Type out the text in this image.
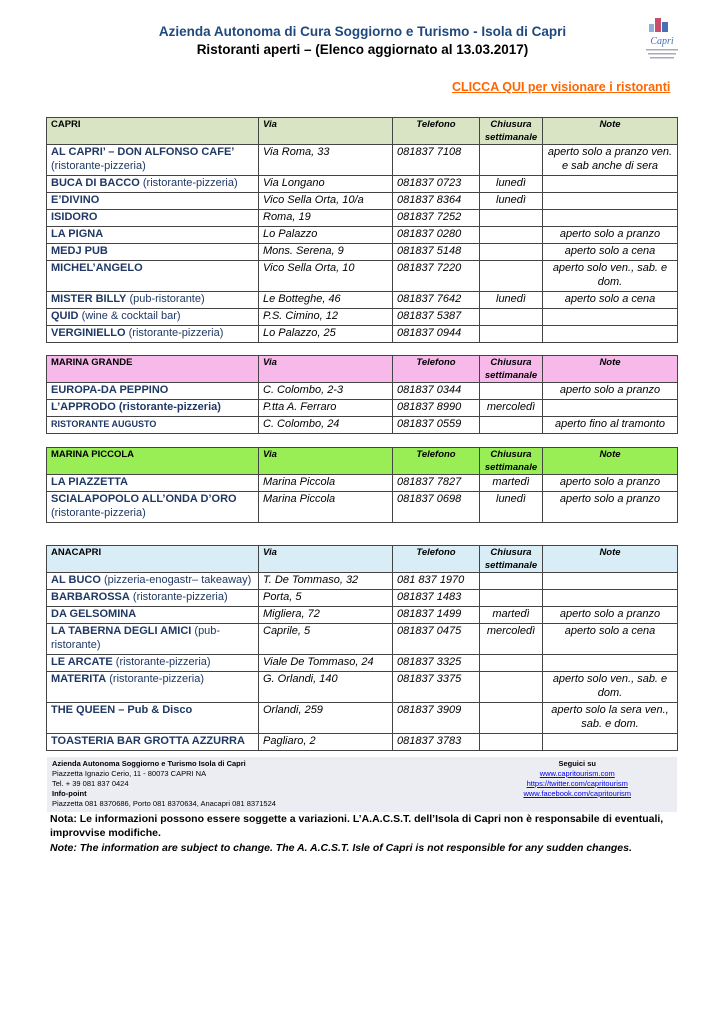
Azienda Autonoma di Cura Soggiorno e Turismo - Isola di Capri
Ristoranti aperti – (Elenco aggiornato al 13.03.2017)
Capri
CLICCA QUI per visionare i ristoranti
CAPRI	Via	Telefono	Chiusura settimanale	Note
AL CAPRI’ – DON ALFONSO CAFE’ (ristorante-pizzeria)	Via Roma, 33	081837 7108		aperto solo a pranzo ven. e sab anche di sera
BUCA DI BACCO (ristorante-pizzeria)	Via Longano	081837 0723	lunedì	
E’DIVINO	Vico Sella Orta, 10/a	081837 8364	lunedì	
ISIDORO	Roma, 19	081837 7252		
LA PIGNA	Lo Palazzo	081837 0280		aperto solo a pranzo
MEDJ PUB	Mons. Serena, 9	081837 5148		aperto solo a cena
MICHEL’ANGELO	Vico Sella Orta, 10	081837 7220		aperto solo ven., sab. e dom.
MISTER BILLY (pub-ristorante)	Le Botteghe, 46	081837 7642	lunedì	aperto solo a cena
QUID (wine & cocktail bar)	P.S. Cimino, 12	081837 5387		
VERGINIELLO (ristorante-pizzeria)	Lo Palazzo, 25	081837 0944		
MARINA GRANDE	Via	Telefono	Chiusura settimanale	Note
EUROPA-DA PEPPINO	C. Colombo, 2-3	081837 0344		aperto solo a pranzo
L’APPRODO (ristorante-pizzeria)	P.tta A. Ferraro	081837 8990	mercoledì	
RISTORANTE AUGUSTO	C. Colombo, 24	081837 0559		aperto fino al tramonto
MARINA PICCOLA	Via	Telefono	Chiusura settimanale	Note
LA PIAZZETTA	Marina Piccola	081837 7827	martedì	aperto solo a pranzo
SCIALAPOPOLO ALL’ONDA D’ORO (ristorante-pizzeria)	Marina Piccola	081837 0698	lunedì	aperto solo a pranzo
ANACAPRI	Via	Telefono	Chiusura settimanale	Note
AL BUCO (pizzeria-enogastr– takeaway)	T. De Tommaso, 32	081 837 1970		
BARBAROSSA (ristorante-pizzeria)	Porta, 5	081837 1483		
DA GELSOMINA	Migliera, 72	081837 1499	martedì	aperto solo a pranzo
LA TABERNA DEGLI AMICI (pub-ristorante)	Caprile, 5	081837 0475	mercoledì	aperto solo a cena
LE ARCATE (ristorante-pizzeria)	Viale De Tommaso, 24	081837 3325		
MATERITA (ristorante-pizzeria)	G. Orlandi, 140	081837 3375		aperto solo ven., sab. e dom.
THE QUEEN – Pub & Disco	Orlandi, 259	081837 3909		aperto solo la sera ven., sab. e dom.
TOASTERIA BAR GROTTA AZZURRA	Pagliaro, 2	081837 3783		
Azienda Autonoma Soggiorno e Turismo Isola di Capri
Piazzetta Ignazio Cerio, 11 - 80073 CAPRI NA
Tel. + 39 081 837 0424
Info-point
Piazzetta 081 8370686, Porto 081 8370634, Anacapri 081 8371524
Seguici su
www.capritourism.com
https://twitter.com/capritourism
www.facebook.com/capritourism
Nota: Le informazioni possono essere soggette a variazioni. L’A.A.C.S.T. dell’Isola di Capri non è responsabile di eventuali, improvvise modifiche.
Note: The information are subject to change. The A. A.C.S.T. Isle of Capri is not responsible for any sudden changes.
